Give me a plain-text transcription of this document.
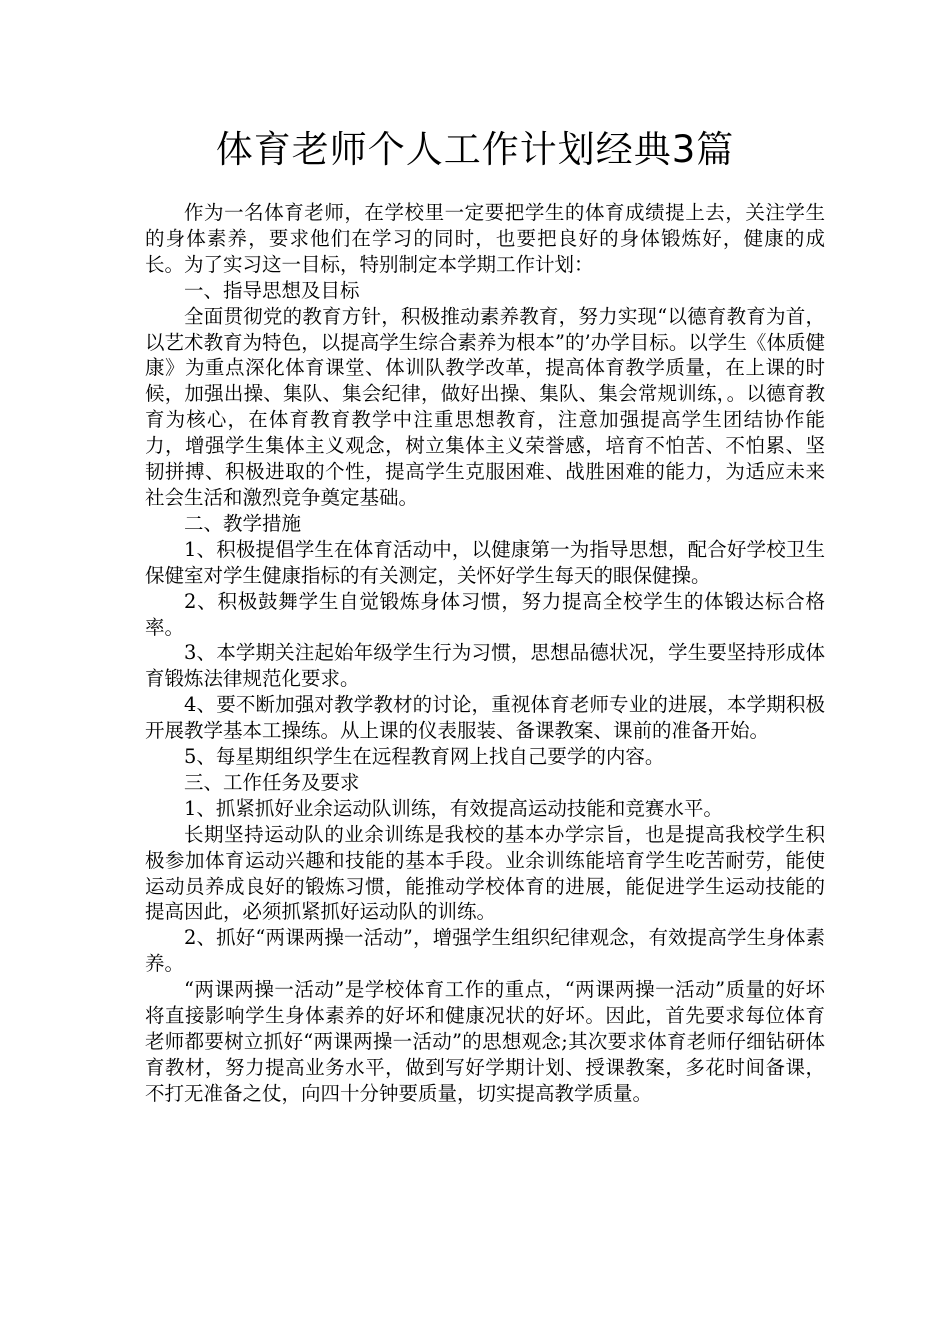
体育老师个人工作计划经典3篇

作为一名体育老师，在学校里一定要把学生的体育成绩提上去，关注学生的身体素养，要求他们在学习的同时，也要把良好的身体锻炼好，健康的成长。为了实习这一目标，特别制定本学期工作计划：

一、指导思想及目标

全面贯彻党的教育方针，积极推动素养教育，努力实现“以德育教育为首，以艺术教育为特色，以提高学生综合素养为根本”的’办学目标。以学生《体质健康》为重点深化体育课堂、体训队教学改革，提高体育教学质量，在上课的时候，加强出操、集队、集会纪律，做好出操、集队、集会常规训练，。以德育教育为核心，在体育教育教学中注重思想教育，注意加强提高学生团结协作能力，增强学生集体主义观念，树立集体主义荣誉感，培育不怕苦、不怕累、坚韧拼搏、积极进取的个性，提高学生克服困难、战胜困难的能力，为适应未来社会生活和激烈竞争奠定基础。

二、教学措施

1、积极提倡学生在体育活动中，以健康第一为指导思想，配合好学校卫生保健室对学生健康指标的有关测定，关怀好学生每天的眼保健操。

2、积极鼓舞学生自觉锻炼身体习惯，努力提高全校学生的体锻达标合格率。

3、本学期关注起始年级学生行为习惯，思想品德状况，学生要坚持形成体育锻炼法律规范化要求。

4、要不断加强对教学教材的讨论，重视体育老师专业的进展，本学期积极开展教学基本工操练。从上课的仪表服装、备课教案、课前的准备开始。

5、每星期组织学生在远程教育网上找自己要学的内容。

三、工作任务及要求

1、抓紧抓好业余运动队训练，有效提高运动技能和竞赛水平。

长期坚持运动队的业余训练是我校的基本办学宗旨，也是提高我校学生积极参加体育运动兴趣和技能的基本手段。业余训练能培育学生吃苦耐劳，能使运动员养成良好的锻炼习惯，能推动学校体育的进展，能促进学生运动技能的提高因此，必须抓紧抓好运动队的训练。

2、抓好“两课两操一活动”，增强学生组织纪律观念，有效提高学生身体素养。

“两课两操一活动”是学校体育工作的重点，“两课两操一活动”质量的好坏将直接影响学生身体素养的好坏和健康况状的好坏。因此，首先要求每位体育老师都要树立抓好“两课两操一活动”的思想观念;其次要求体育老师仔细钻研体育教材，努力提高业务水平，做到写好学期计划、授课教案，多花时间备课，不打无准备之仗，向四十分钟要质量，切实提高教学质量。
